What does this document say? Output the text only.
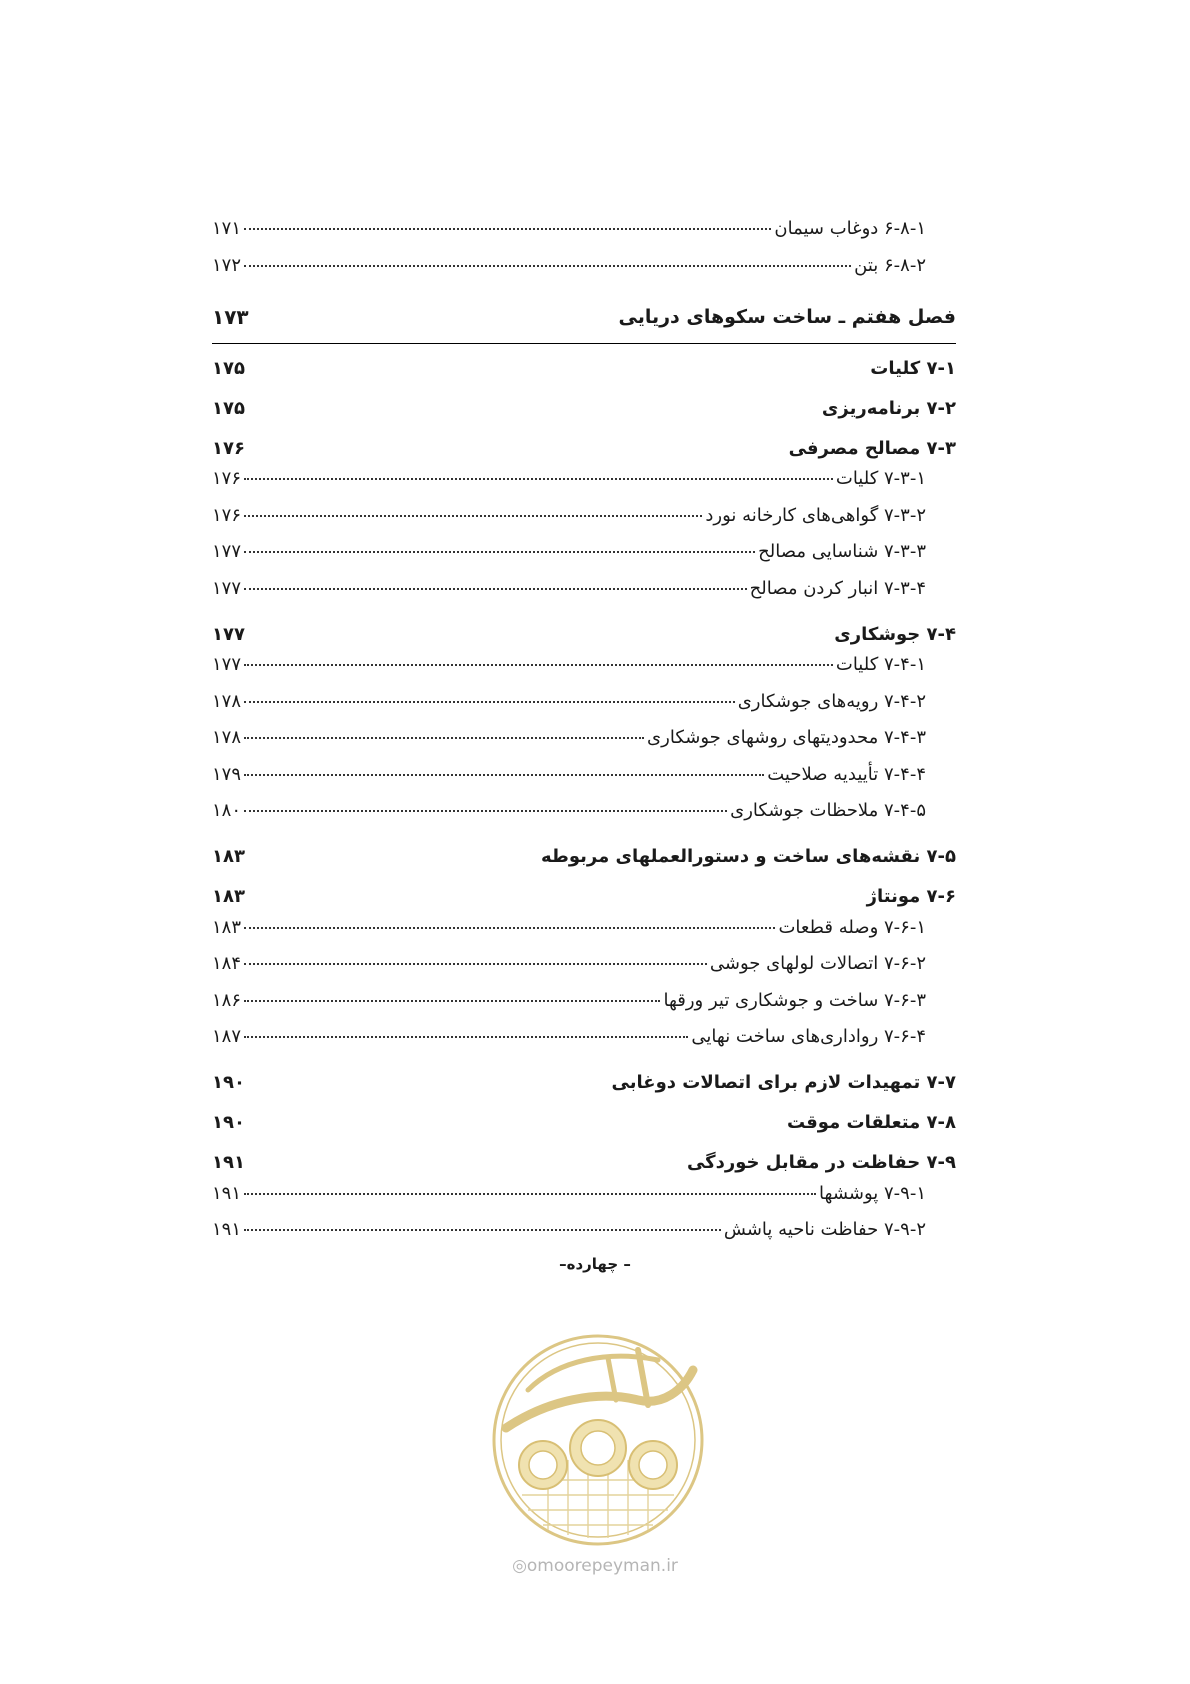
۶-۸-۱ دوغاب سیمان
۱۷۱
۶-۸-۲ بتن
۱۷۲
فصل هفتم ـ ساخت سکوهای دریایی
۱۷۳
۷-۱ کلیات
۱۷۵
۷-۲ برنامه‌ریزی
۱۷۵
۷-۳ مصالح مصرفی
۱۷۶
۷-۳-۱ کلیات
۱۷۶
۷-۳-۲ گواهی‌های کارخانه نورد
۱۷۶
۷-۳-۳ شناسایی مصالح
۱۷۷
۷-۳-۴ انبار کردن مصالح
۱۷۷
۷-۴ جوشکاری
۱۷۷
۷-۴-۱ کلیات
۱۷۷
۷-۴-۲ رویه‌های جوشکاری
۱۷۸
۷-۴-۳ محدودیتهای روشهای جوشکاری
۱۷۸
۷-۴-۴ تأییدیه صلاحیت
۱۷۹
۷-۴-۵ ملاحظات جوشکاری
۱۸۰
۷-۵ نقشه‌های ساخت و دستورالعملهای مربوطه
۱۸۳
۷-۶ مونتاژ
۱۸۳
۷-۶-۱ وصله قطعات
۱۸۳
۷-۶-۲ اتصالات لولهای جوشی
۱۸۴
۷-۶-۳ ساخت و جوشکاری تیر ورقها
۱۸۶
۷-۶-۴ رواداری‌های ساخت نهایی
۱۸۷
۷-۷ تمهیدات لازم برای اتصالات دوغابی
۱۹۰
۷-۸ متعلقات موقت
۱۹۰
۷-۹ حفاظت در مقابل خوردگی
۱۹۱
۷-۹-۱ پوششها
۱۹۱
۷-۹-۲ حفاظت ناحیه پاشش
۱۹۱
– چهارده–
◎omoorepeyman.ir
